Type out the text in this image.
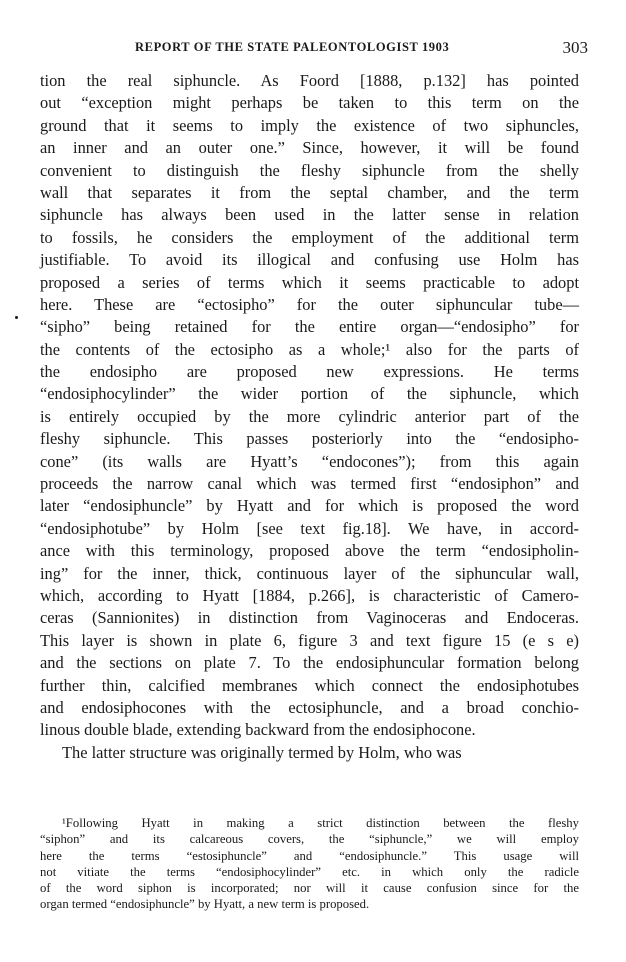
REPORT OF THE STATE PALEONTOLOGIST 1903	303
tion the real siphuncle. As Foord [1888, p.132] has pointed
out “exception might perhaps be taken to this term on the
ground that it seems to imply the existence of two siphuncles,
an inner and an outer one.” Since, however, it will be found
convenient to distinguish the fleshy siphuncle from the shelly
wall that separates it from the septal chamber, and the term
siphuncle has always been used in the latter sense in relation
to fossils, he considers the employment of the additional term
justifiable. To avoid its illogical and confusing use Holm has
proposed a series of terms which it seems practicable to adopt
here. These are “ectosipho” for the outer siphuncular tube—
“sipho” being retained for the entire organ—“endosipho” for
the contents of the ectosipho as a whole;¹ also for the parts of
the endosipho are proposed new expressions. He terms
“endosiphocylinder” the wider portion of the siphuncle, which
is entirely occupied by the more cylindric anterior part of the
fleshy siphuncle. This passes posteriorly into the “endosipho-
cone” (its walls are Hyatt’s “endocones”); from this again
proceeds the narrow canal which was termed first “endosiphon” and
later “endosiphuncle” by Hyatt and for which is proposed the word
“endosiphotube” by Holm [see text fig.18]. We have, in accord-
ance with this terminology, proposed above the term “endosipholin-
ing” for the inner, thick, continuous layer of the siphuncular wall,
which, according to Hyatt [1884, p.266], is characteristic of Camero-
ceras (Sannionites) in distinction from Vaginoceras and Endoceras.
This layer is shown in plate 6, figure 3 and text figure 15 (e s e)
and the sections on plate 7. To the endosiphuncular formation belong
further thin, calcified membranes which connect the endosiphotubes
and endosiphocones with the ectosiphuncle, and a broad conchio-
linous double blade, extending backward from the endosiphocone.
The latter structure was originally termed by Holm, who was
¹Following Hyatt in making a strict distinction between the fleshy
“siphon” and its calcareous covers, the “siphuncle,” we will employ
here the terms “estosiphuncle” and “endosiphuncle.” This usage will
not vitiate the terms “endosiphocylinder” etc. in which only the radicle
of the word siphon is incorporated; nor will it cause confusion since for the
organ termed “endosiphuncle” by Hyatt, a new term is proposed.
